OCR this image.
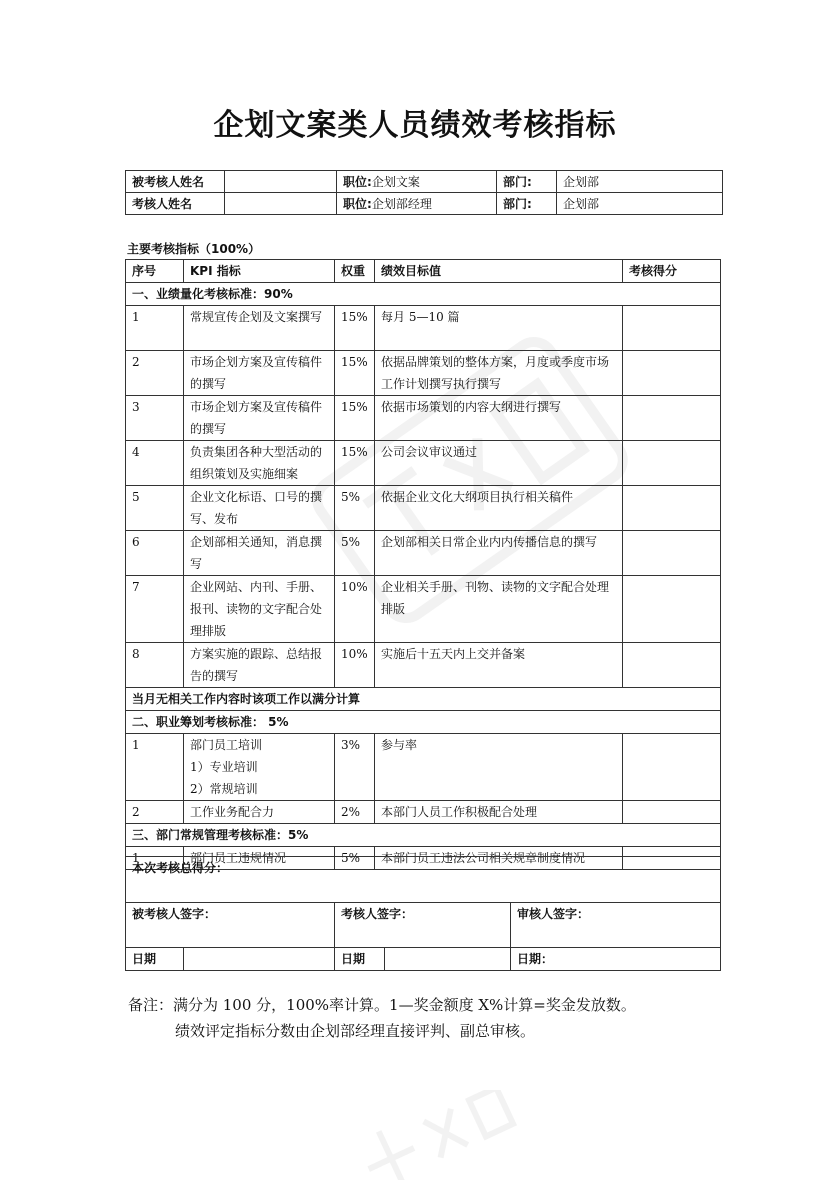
企划文案类人员绩效考核指标
被考核人姓名		职位:企划文案	部门:	企划部
考核人姓名		职位:企划部经理	部门:	企划部
主要考核指标（100%）
序号	KPI 指标	权重	绩效目标值	考核得分
一、业绩量化考核标准：90%				
1	常规宣传企划及文案撰写	15%	每月 5—10 篇	
2	市场企划方案及宣传稿件的撰写	15%	依据品牌策划的整体方案，月度或季度市场工作计划撰写执行撰写	
3	市场企划方案及宣传稿件的撰写	15%	依据市场策划的内容大纲进行撰写	
4	负责集团各种大型活动的组织策划及实施细案	15%	公司会议审议通过	
5	企业文化标语、口号的撰写、发布	5%	依据企业文化大纲项目执行相关稿件	
6	企划部相关通知，消息撰写	5%	企划部相关日常企业内内传播信息的撰写	
7	企业网站、内刊、手册、报刊、读物的文字配合处理排版	10%	企业相关手册、刊物、读物的文字配合处理排版	
8	方案实施的跟踪、总结报告的撰写	10%	实施后十五天内上交并备案	
当月无相关工作内容时该项工作以满分计算				
二、职业筹划考核标准： 5%				
1	部门员工培训
1）专业培训
2）常规培训	3%	参与率	
2	工作业务配合力	2%	本部门人员工作积极配合处理	
三、部门常规管理考核标准：5%				
1	部门员工违规情况	5%	本部门员工违法公司相关规章制度情况	
本次考核总得分：				
被考核人签字：		考核人签字：		审核人签字：
日期		日期		日期：
备注：满分为 100 分，100%率计算。1—奖金额度 X%计算=奖金发放数。
绩效评定指标分数由企划部经理直接评判、副总审核。
